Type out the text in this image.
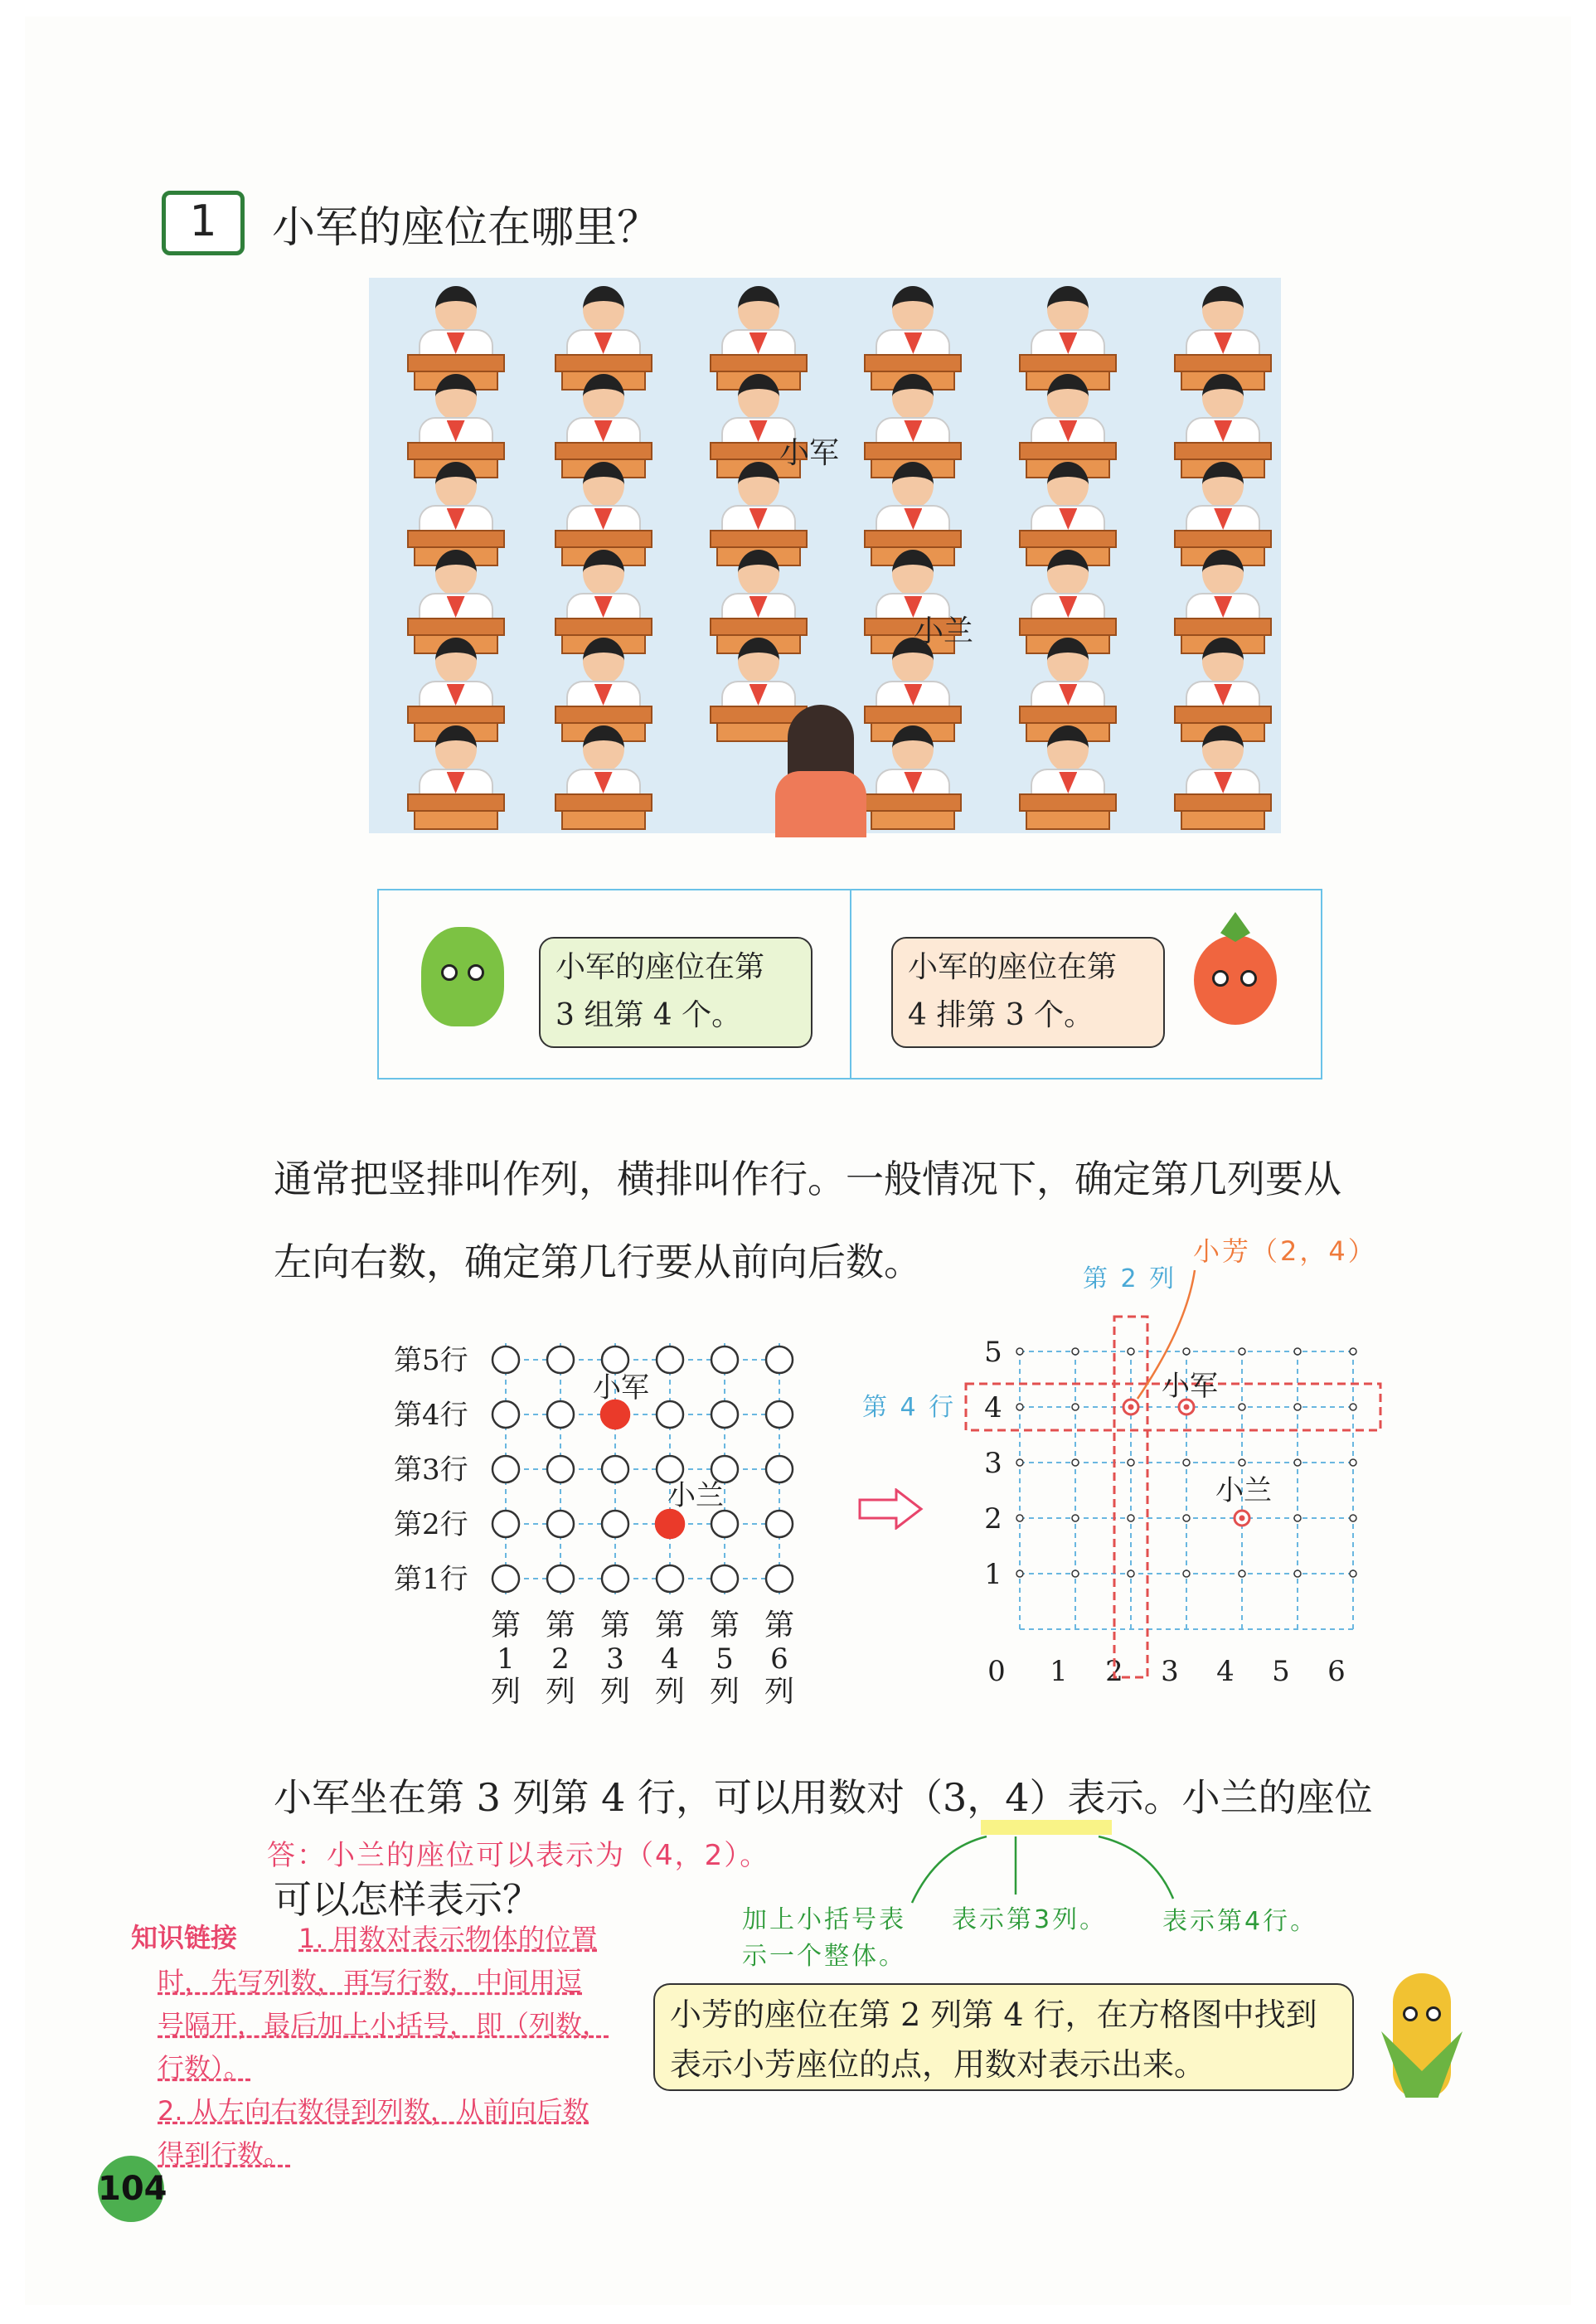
1	小军的座位在哪里？
小军
小兰
小军的座位在第
3 组第 4 个。
小军的座位在第
4 排第 3 个。
通常把竖排叫作列，横排叫作行。一般情况下，确定第几列要从
左向右数，确定第几行要从前向后数。
第5行
第4行
第3行
第2行
第1行
第
1
列
第
2
列
第
3
列
第
4
列
第
5
列
第
6
列
小军
小兰
0 1 2 3 4 5 6
5
4
3
2
1
小军
小兰
第 2 列
第 4 行
小芳（2，4）
小军坐在第 3 列第 4 行，可以用数对（3，4）表示。小兰的座位
可以怎样表示？
答：小兰的座位可以表示为（4，2）。
加上小括号表
示一个整体。
表示第3列。 表示第4行。
知识链接 1. 用数对表示物体的位置
时，先写列数，再写行数，中间用逗
号隔开，最后加上小括号，即（列数，
行数）。
2. 从左向右数得到列数，从前向后数
得到行数。
小芳的座位在第 2 列第 4 行，在方格图中找到
表示小芳座位的点，用数对表示出来。
104
